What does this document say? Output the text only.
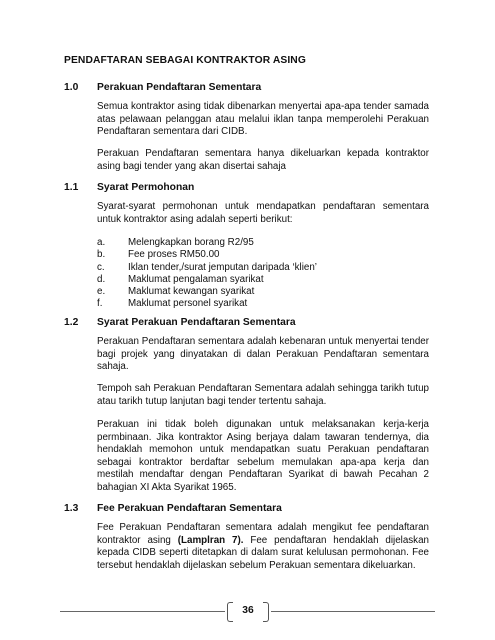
PENDAFTARAN SEBAGAI KONTRAKTOR ASING
1.0 Perakuan Pendaftaran Sementara

Semua kontraktor asing tidak dibenarkan menyertai apa-apa tender samada atas pelawaan pelanggan atau melalui iklan tanpa memperolehi Perakuan Pendaftaran sementara dari CIDB.

Perakuan Pendaftaran sementara hanya dikeluarkan kepada kontraktor asing bagi tender yang akan disertai sahaja

1.1 Syarat Permohonan

Syarat-syarat permohonan untuk mendapatkan pendaftaran sementara untuk kontraktor asing adalah seperti berikut:

a.	Melengkapkan borang R2/95
b.	Fee proses RM50.00
c.	Iklan tender,/surat jemputan daripada ‘klien’
d.	Maklumat pengalaman syarikat
e.	Maklumat kewangan syarikat
f.	Maklumat personel syarikat
1.2 Syarat Perakuan Pendaftaran Sementara

Perakuan Pendaftaran sementara adalah kebenaran untuk menyertai tender bagi projek yang dinyatakan di dalan Perakuan Pendaftaran sementara sahaja.

Tempoh sah Perakuan Pendaftaran Sementara adalah sehingga tarikh tutup atau tarikh tutup lanjutan bagi tender tertentu sahaja.

Perakuan ini tidak boleh digunakan untuk melaksanakan kerja-kerja permbinaan. Jika kontraktor Asing berjaya dalam tawaran tendernya, dia hendaklah memohon untuk mendapatkan suatu Perakuan pendaftaran sebagai kontraktor berdaftar sebelum memulakan apa-apa kerja dan mestilah mendaftar dengan Pendaftaran Syarikat di bawah Pecahan 2 bahagian XI Akta Syarikat 1965.

1.3 Fee Perakuan Pendaftaran Sementara

Fee Perakuan Pendaftaran sementara adalah mengikut fee pendaftaran kontraktor asing (Lamplran 7). Fee pendaftaran hendaklah dijelaskan kepada CIDB seperti ditetapkan di dalam surat kelulusan permohonan. Fee tersebut hendaklah dijelaskan sebelum Perakuan sementara dikeluarkan.

36
